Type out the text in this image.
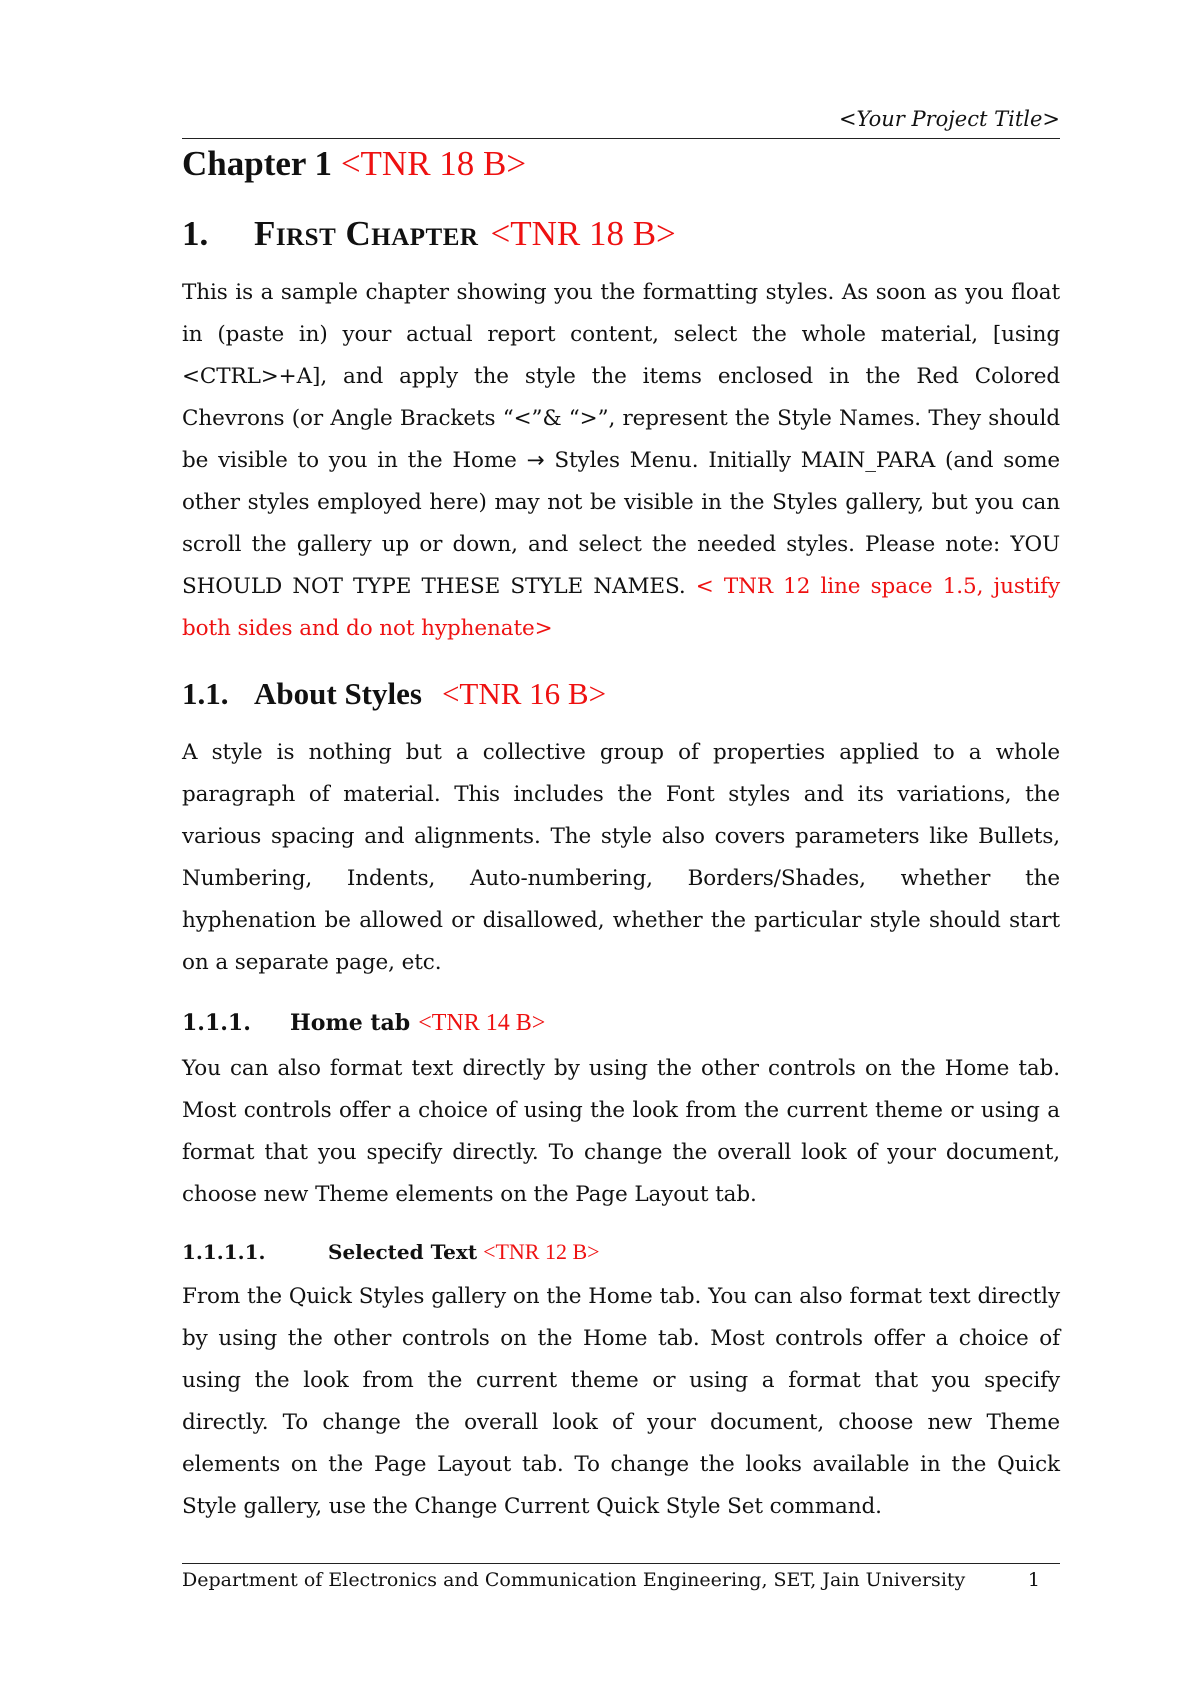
<Your Project Title>
Chapter 1 <TNR 18 B>
1.	First Chapter <TNR 18 B>

This is a sample chapter showing you the formatting styles. As soon as you float in (paste in) your actual report content, select the whole material, [using <CTRL>+A], and apply the style the items enclosed in the Red Colored Chevrons (or Angle Brackets “<”& “>”, represent the Style Names. They should be visible to you in the Home → Styles Menu. Initially MAIN_PARA (and some other styles employed here) may not be visible in the Styles gallery, but you can scroll the gallery up or down, and select the needed styles. Please note: YOU SHOULD NOT TYPE THESE STYLE NAMES. < TNR 12 line space 1.5, justify both sides and do not hyphenate>

1.1. About Styles <TNR 16 B>

A style is nothing but a collective group of properties applied to a whole paragraph of material. This includes the Font styles and its variations, the various spacing and alignments. The style also covers parameters like Bullets, Numbering, Indents, Auto-numbering, Borders/Shades, whether the hyphenation be allowed or disallowed, whether the particular style should start on a separate page, etc.

1.1.1.	Home tab <TNR 14 B>

You can also format text directly by using the other controls on the Home tab. Most controls offer a choice of using the look from the current theme or using a format that you specify directly. To change the overall look of your document, choose new Theme elements on the Page Layout tab.

1.1.1.1.	Selected Text <TNR 12 B>

From the Quick Styles gallery on the Home tab. You can also format text directly by using the other controls on the Home tab. Most controls offer a choice of using the look from the current theme or using a format that you specify directly. To change the overall look of your document, choose new Theme elements on the Page Layout tab. To change the looks available in the Quick Style gallery, use the Change Current Quick Style Set command.

Department of Electronics and Communication Engineering, SET, Jain University	1
